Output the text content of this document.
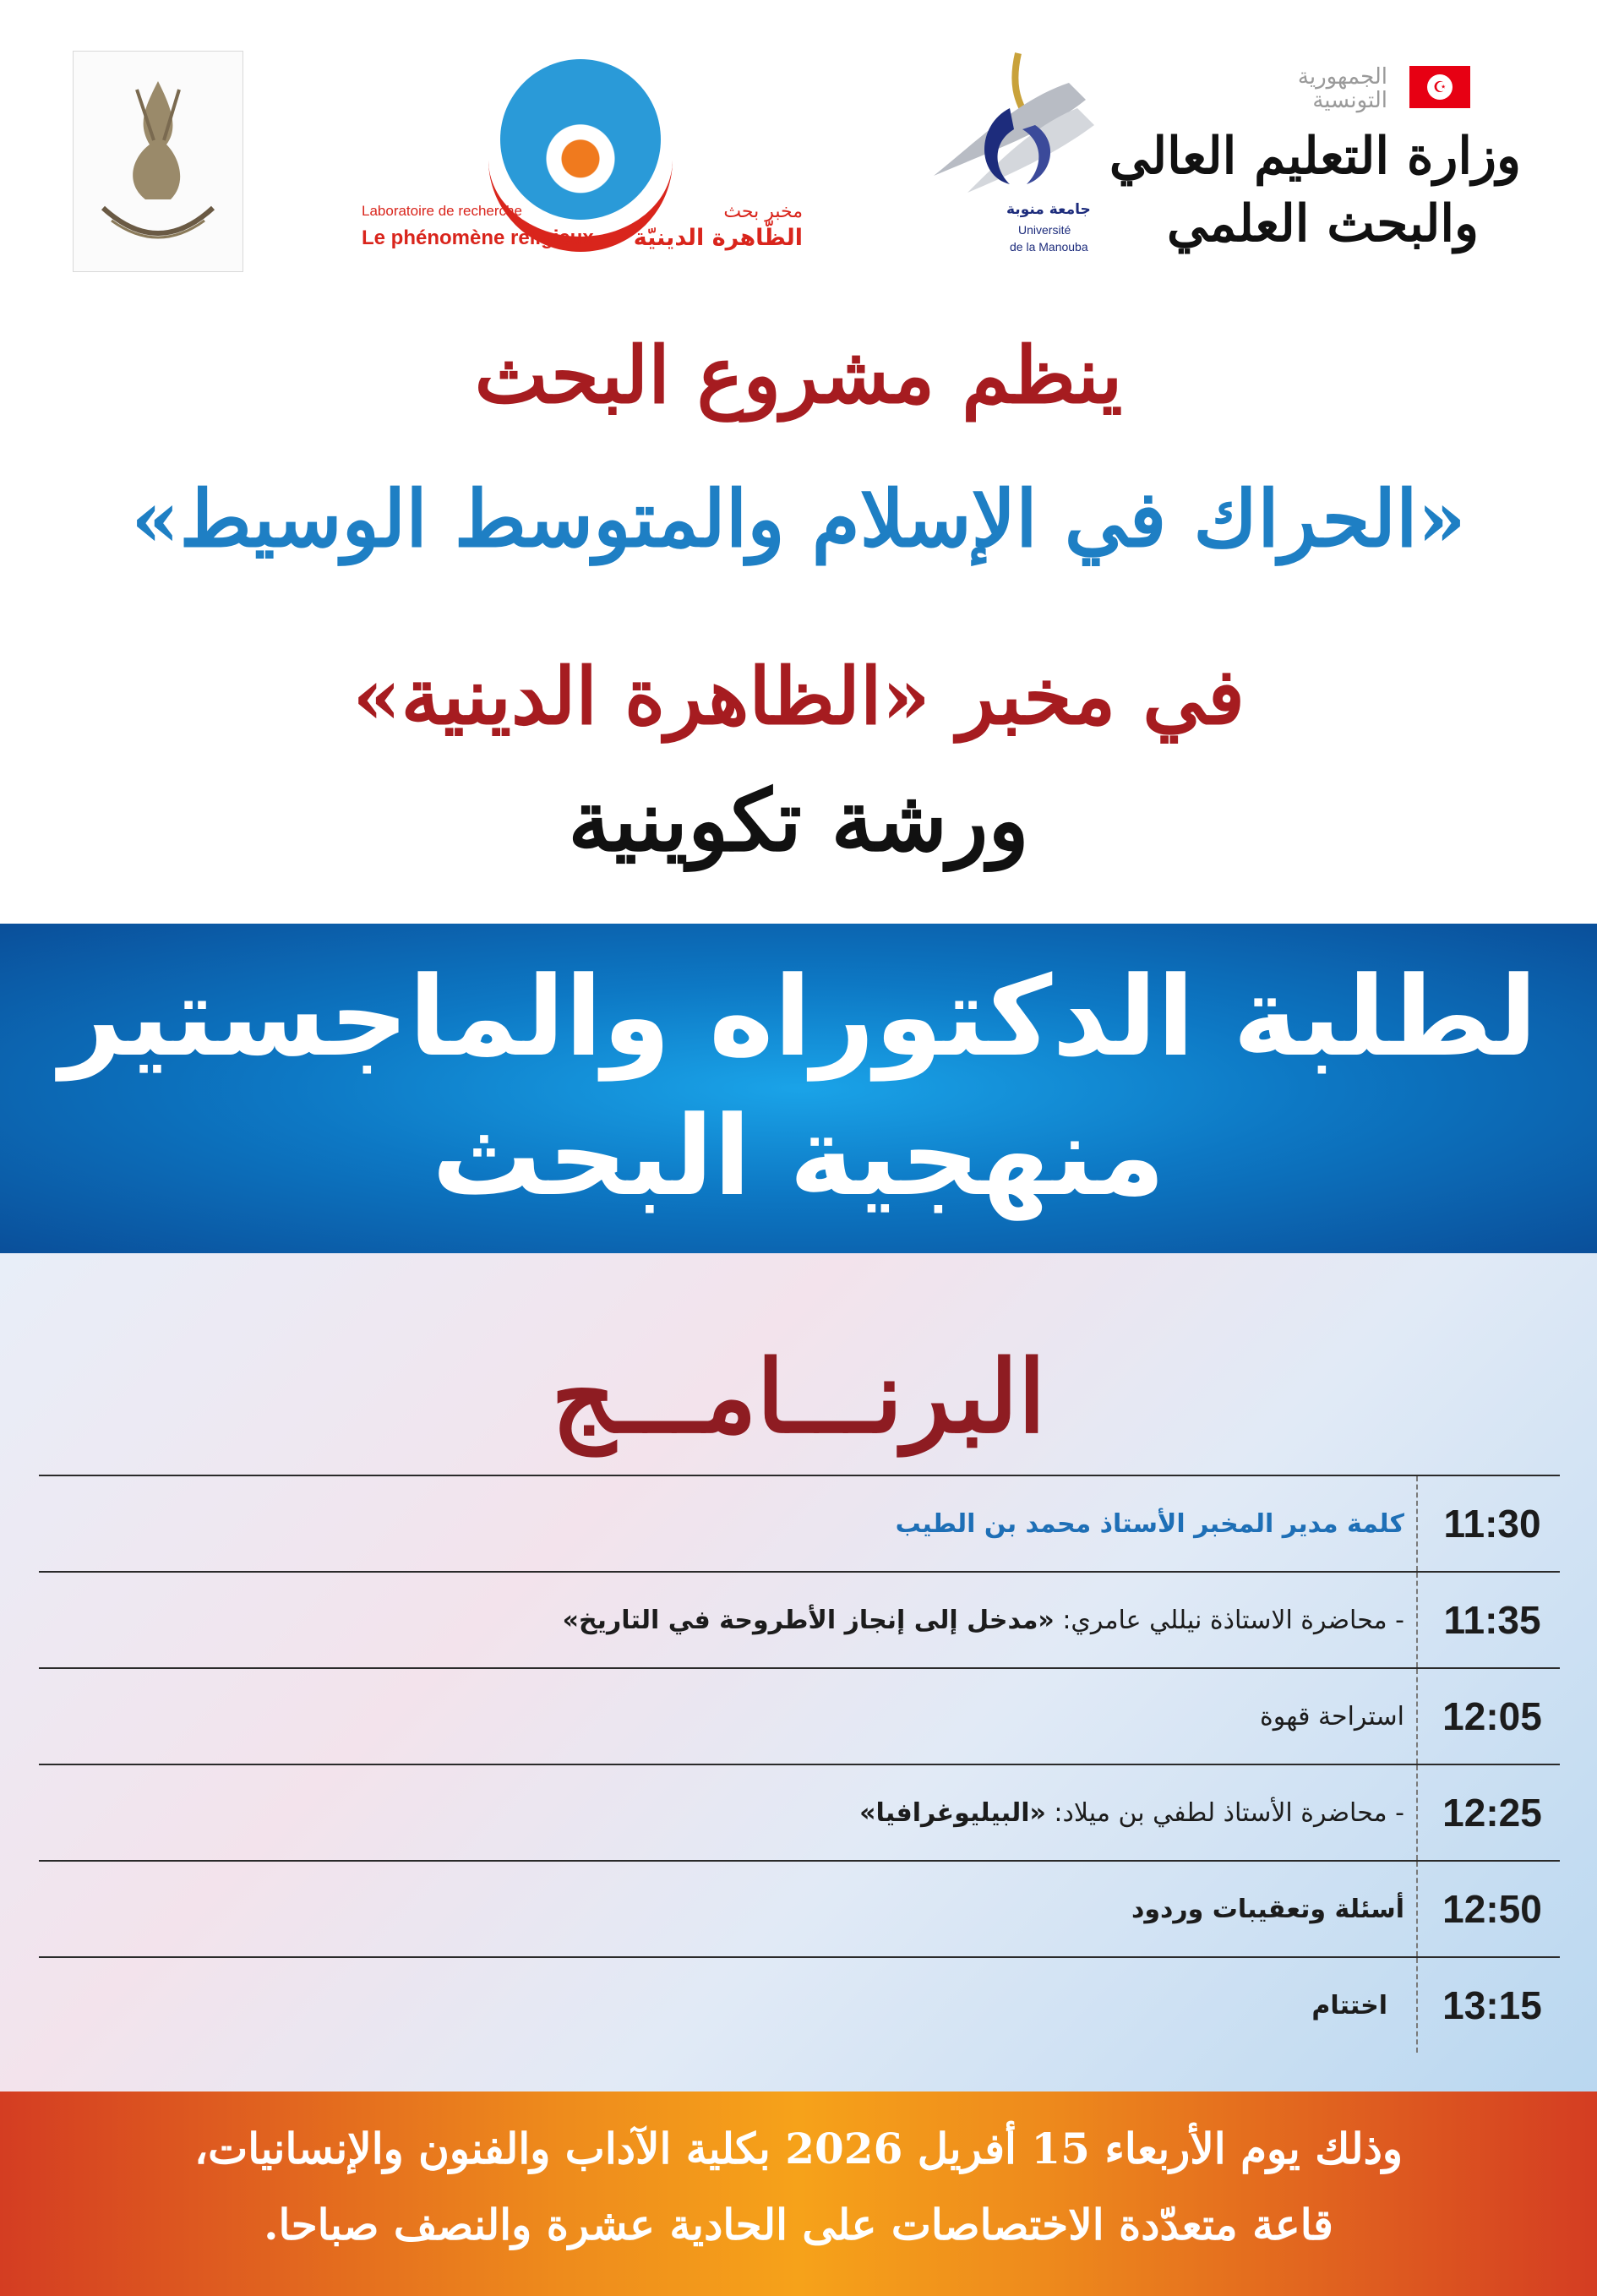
Laboratoire de recherche
Le phénomène religieux
مخبر بحث
الظّاهرة الدينيّة
جامعة منوبة
Université
de la Manouba
☪
الجمهورية
التونسية
وزارة التعليم العالي
والبحث العلمي
ينظم مشروع البحث
«الحراك في الإسلام والمتوسط الوسيط»
في مخبر «الظاهرة الدينية»
ورشة تكوينية
لطلبة الدكتوراه والماجستير
منهجية البحث
البرنـــامـــج
11:30
كلمة مدير المخبر الأستاذ محمد بن الطيب
11:35
- محاضرة الاستاذة نيللي عامري:

«مدخل إلى إنجاز الأطروحة في التاريخ»
12:05
استراحة قهوة
12:25
- محاضرة الأستاذ لطفي بن ميلاد:

«البيليوغرافيا»
12:50
أسئلة وتعقيبات وردود
13:15
اختتام
وذلك يوم الأربعاء 15 أفريل 2026 بكلية الآداب والفنون والإنسانيات،
قاعة متعدّدة الاختصاصات على الحادية عشرة والنصف صباحا.
